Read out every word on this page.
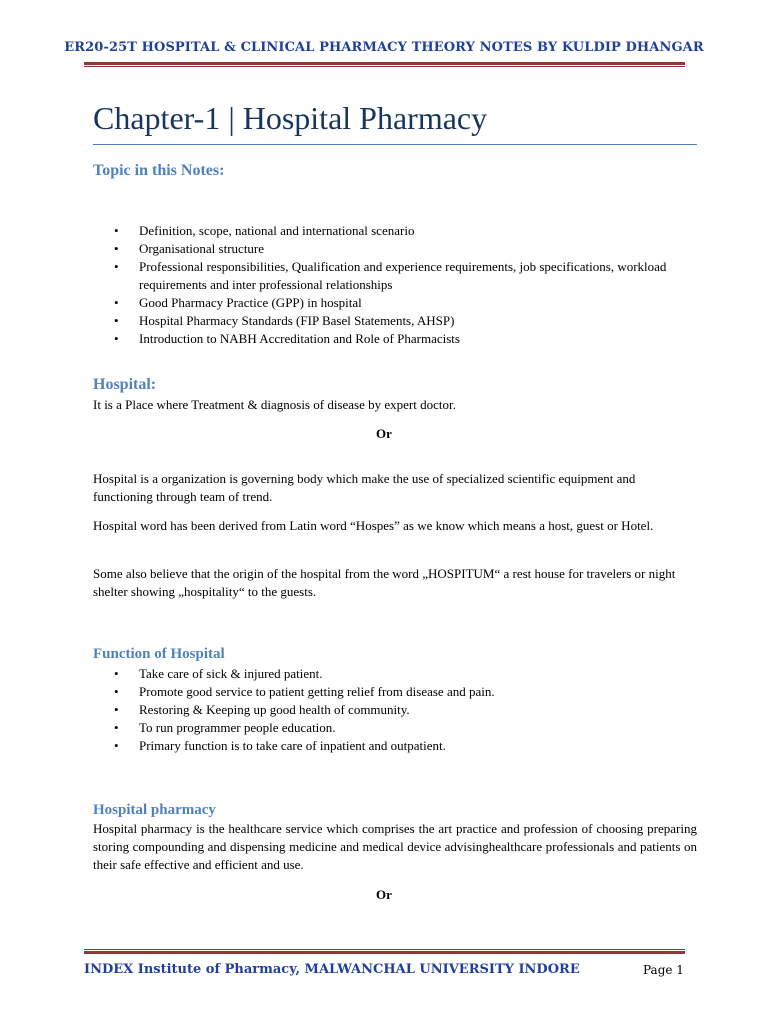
ER20-25T HOSPITAL & CLINICAL PHARMACY THEORY NOTES BY KULDIP DHANGAR
Chapter-1 | Hospital Pharmacy
Topic in this Notes:
• Definition, scope, national and international scenario
• Organisational structure
• Professional responsibilities, Qualification and experience requirements, job specifications, workload requirements and inter professional relationships
• Good Pharmacy Practice (GPP) in hospital
• Hospital Pharmacy Standards (FIP Basel Statements, AHSP)
• Introduction to NABH Accreditation and Role of Pharmacists
Hospital:
It is a Place where Treatment & diagnosis of disease by expert doctor.
Or
Hospital is a organization is governing body which make the use of specialized scientific equipment and functioning through team of trend.
Hospital word has been derived from Latin word “Hospes” as we know which means a host, guest or Hotel.
Some also believe that the origin of the hospital from the word „HOSPITUM“ a rest house for travelers or night shelter showing „hospitality“ to the guests.
Function of Hospital
• Take care of sick & injured patient.
• Promote good service to patient getting relief from disease and pain.
• Restoring & Keeping up good health of community.
• To run programmer people education.
• Primary function is to take care of inpatient and outpatient.
Hospital pharmacy
Hospital pharmacy is the healthcare service which comprises the art practice and profession of choosing preparing storing compounding and dispensing medicine and medical device advisinghealthcare professionals and patients on their safe effective and efficient and use.
Or
INDEX Institute of Pharmacy, MALWANCHAL UNIVERSITY INDORE	Page 1
